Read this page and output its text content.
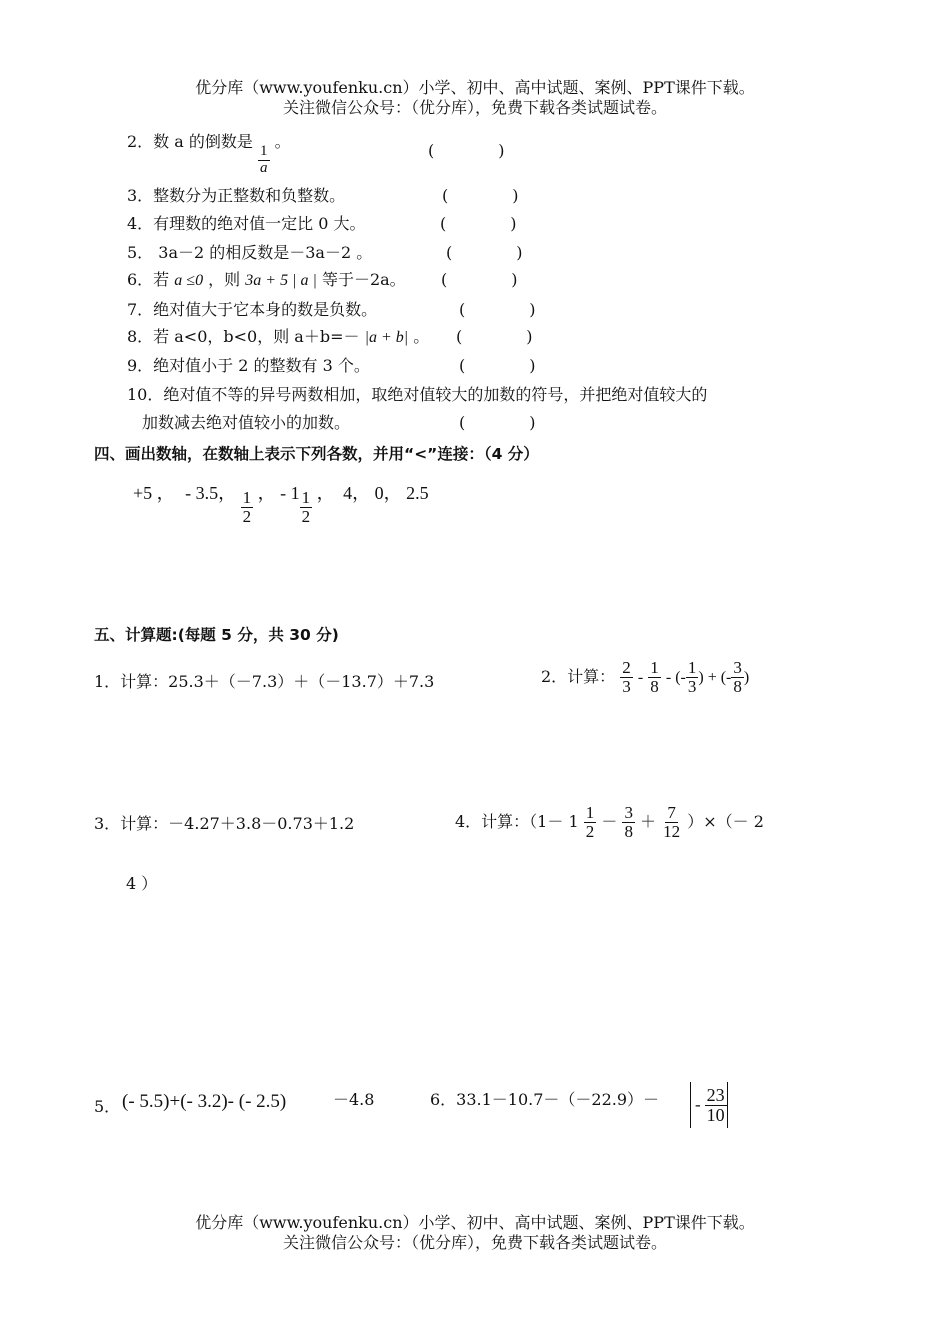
优分库（www.youfenku.cn）小学、初中、高中试题、案例、PPT课件下载。
关注微信公众号：（优分库），免费下载各类试题试卷。
2．数 a 的倒数是
$\frac{1}{a}$
。	(　　　　)
3．整数分为正整数和负整数。	(　　　　)
4．有理数的绝对值一定比 0 大。	(　　　　)
5． 3a－2 的相反数是－3a－2 。	(　　　　)
6．若 a ≤0 ，则 3a + 5 | a | 等于－2a。 (　　　　)
7．绝对值大于它本身的数是负数。	(　　　　)
8．若 a<0，b<0，则 a＋b=－ |a + b| 。 (　　　　)
9．绝对值小于 2 的整数有 3 个。	(　　　　)
10．绝对值不等的异号两数相加，取绝对值较大的加数的符号，并把绝对值较大的
加数减去绝对值较小的加数。	(　　　　)
四、画出数轴，在数轴上表示下列各数，并用“<”连接：（4 分）
+5 ， - 3.5， $\frac{1}{2}$ ， - $1 \frac{1}{2}$ ， 4， 0， 2.5
五、计算题:(每题 5 分，共 30 分)
1．计算：25.3＋（－7.3）＋（－13.7）＋7.3	2．计算： $\frac{2}{3} - \frac{1}{8}$ - (- $\frac{1}{3}$ ) + (- $\frac{3}{8}$ )
3．计算：－4.27＋3.8－0.73＋1.2	4．计算：（$1- 1 \frac{1}{2} - \frac{3}{8} + \frac{7}{12}$ ）×（－ 2
4 ）
5． (- 5.5)+(- 3.2)- (- 2.5)	－4.8	6．$33.1-10.7-(-22.9)- - \frac{23}{10}$
优分库（www.youfenku.cn）小学、初中、高中试题、案例、PPT课件下载。
关注微信公众号：（优分库），免费下载各类试题试卷。
